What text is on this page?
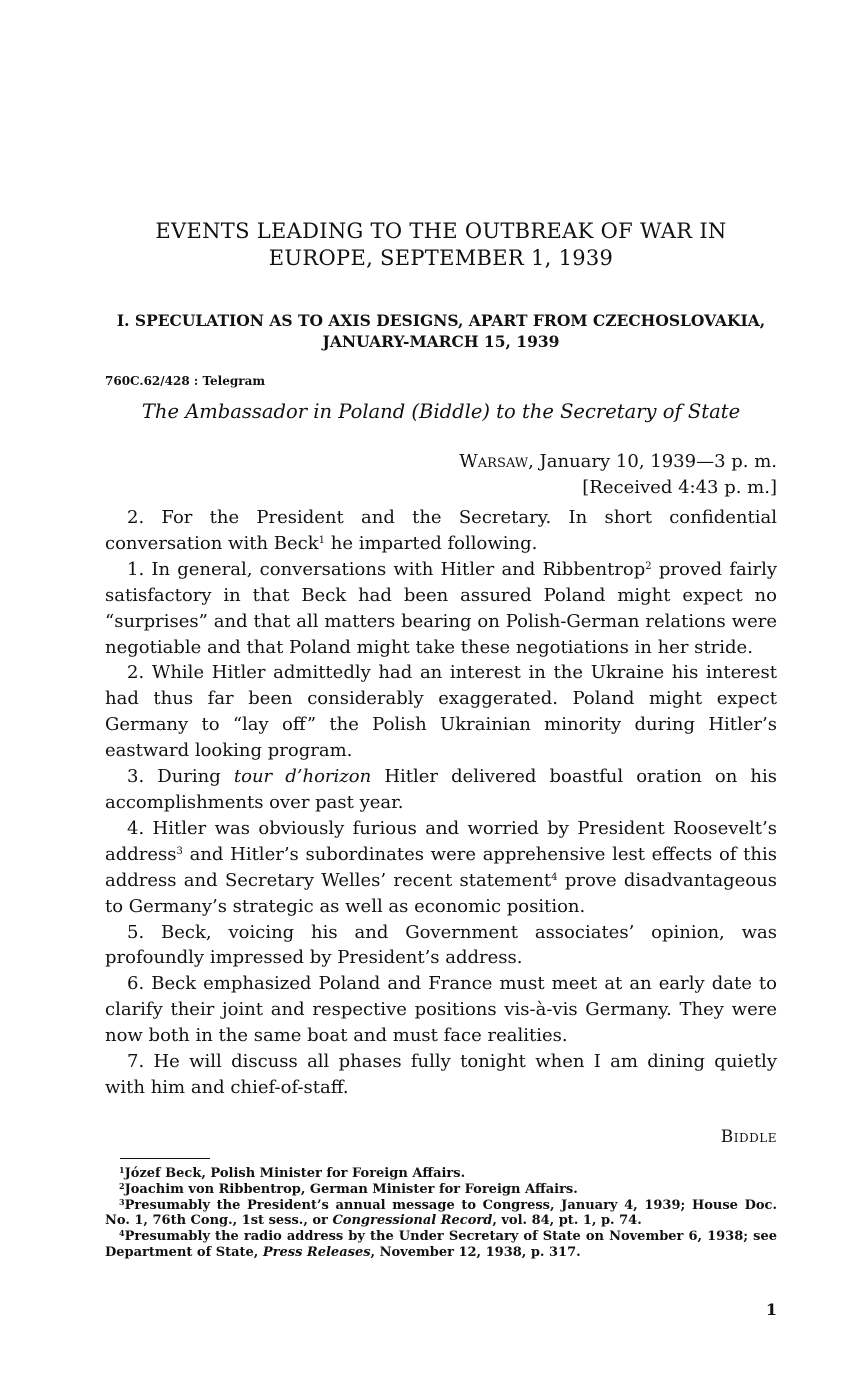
EVENTS LEADING TO THE OUTBREAK OF WAR IN EUROPE, SEPTEMBER 1, 1939
I. SPECULATION AS TO AXIS DESIGNS, APART FROM CZECHOSLOVAKIA, JANUARY-MARCH 15, 1939
760C.62/428 : Telegram
The Ambassador in Poland (Biddle) to the Secretary of State
Warsaw, January 10, 1939—3 p. m.
[Received 4:43 p. m.]

2. For the President and the Secretary. In short confidential conversation with Beck$^1$ he imparted following.

1. In general, conversations with Hitler and Ribbentrop$^2$ proved fairly satisfactory in that Beck had been assured Poland might expect no “surprises” and that all matters bearing on Polish-German relations were negotiable and that Poland might take these negotiations in her stride.

2. While Hitler admittedly had an interest in the Ukraine his interest had thus far been considerably exaggerated. Poland might expect Germany to “lay off” the Polish Ukrainian minority during Hitler’s eastward looking program.

3. During tour d’horizon Hitler delivered boastful oration on his accomplishments over past year.

4. Hitler was obviously furious and worried by President Roosevelt’s address$^3$ and Hitler’s subordinates were apprehensive lest effects of this address and Secretary Welles’ recent statement$^4$ prove disadvantageous to Germany’s strategic as well as economic position.

5. Beck, voicing his and Government associates’ opinion, was profoundly impressed by President’s address.

6. Beck emphasized Poland and France must meet at an early date to clarify their joint and respective positions vis-à-vis Germany. They were now both in the same boat and must face realities.

7. He will discuss all phases fully tonight when I am dining quietly with him and chief-of-staff.

Biddle

$^1$Józef Beck, Polish Minister for Foreign Affairs.

$^2$Joachim von Ribbentrop, German Minister for Foreign Affairs.

$^3$Presumably the President’s annual message to Congress, January 4, 1939; House Doc. No. 1, 76th Cong., 1st sess., or Congressional Record, vol. 84, pt. 1, p. 74.

$^4$Presumably the radio address by the Under Secretary of State on November 6, 1938; see Department of State, Press Releases, November 12, 1938, p. 317.

1
